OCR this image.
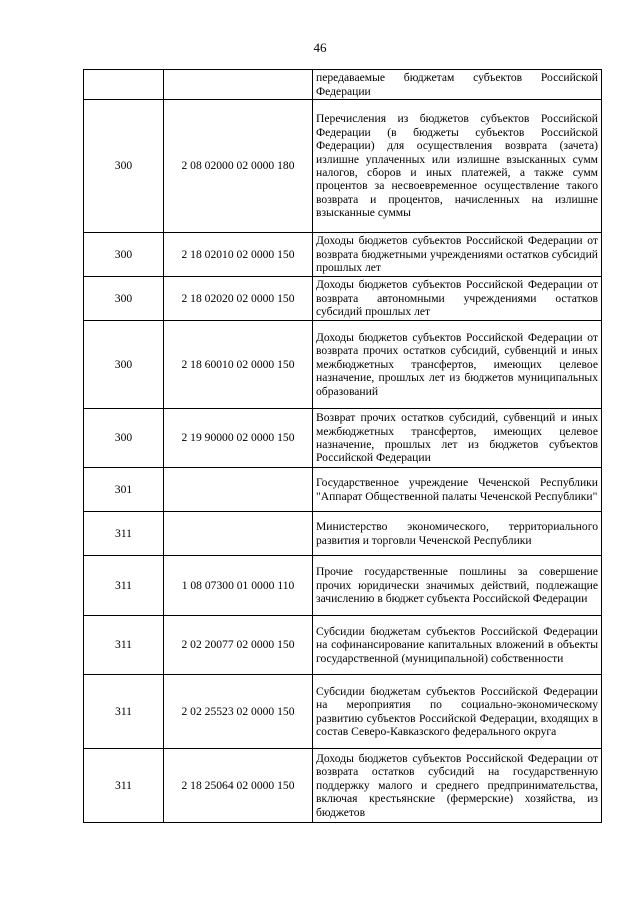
46
		передаваемые бюджетам субъектов Российской Федерации
300	2 08 02000 02 0000 180	Перечисления из бюджетов субъектов Российской Федерации (в бюджеты субъектов Российской Федерации) для осуществления возврата (зачета) излишне уплаченных или излишне взысканных сумм налогов, сборов и иных платежей, а также сумм процентов за несвоевременное осуществление такого возврата и процентов, начисленных на излишне взысканные суммы
300	2 18 02010 02 0000 150	Доходы бюджетов субъектов Российской Федерации от возврата бюджетными учреждениями остатков субсидий прошлых лет
300	2 18 02020 02 0000 150	Доходы бюджетов субъектов Российской Федерации от возврата автономными учреждениями остатков субсидий прошлых лет
300	2 18 60010 02 0000 150	Доходы бюджетов субъектов Российской Федерации от возврата прочих остатков субсидий, субвенций и иных межбюджетных трансфертов, имеющих целевое назначение, прошлых лет из бюджетов муниципальных образований
300	2 19 90000 02 0000 150	Возврат прочих остатков субсидий, субвенций и иных межбюджетных трансфертов, имеющих целевое назначение, прошлых лет из бюджетов субъектов Российской Федерации
301		Государственное учреждение Чеченской Республики "Аппарат Общественной палаты Чеченской Республики"
311		Министерство экономического, территориального развития и торговли Чеченской Республики
311	1 08 07300 01 0000 110	Прочие государственные пошлины за совершение прочих юридически значимых действий, подлежащие зачислению в бюджет субъекта Российской Федерации
311	2 02 20077 02 0000 150	Субсидии бюджетам субъектов Российской Федерации на софинансирование капитальных вложений в объекты государственной (муниципальной) собственности
311	2 02 25523 02 0000 150	Субсидии бюджетам субъектов Российской Федерации на мероприятия по социально-экономическому развитию субъектов Российской Федерации, входящих в состав Северо-Кавказского федерального округа
311	2 18 25064 02 0000 150	Доходы бюджетов субъектов Российской Федерации от возврата остатков субсидий на государственную поддержку малого и среднего предпринимательства, включая крестьянские (фермерские) хозяйства, из бюджетов
